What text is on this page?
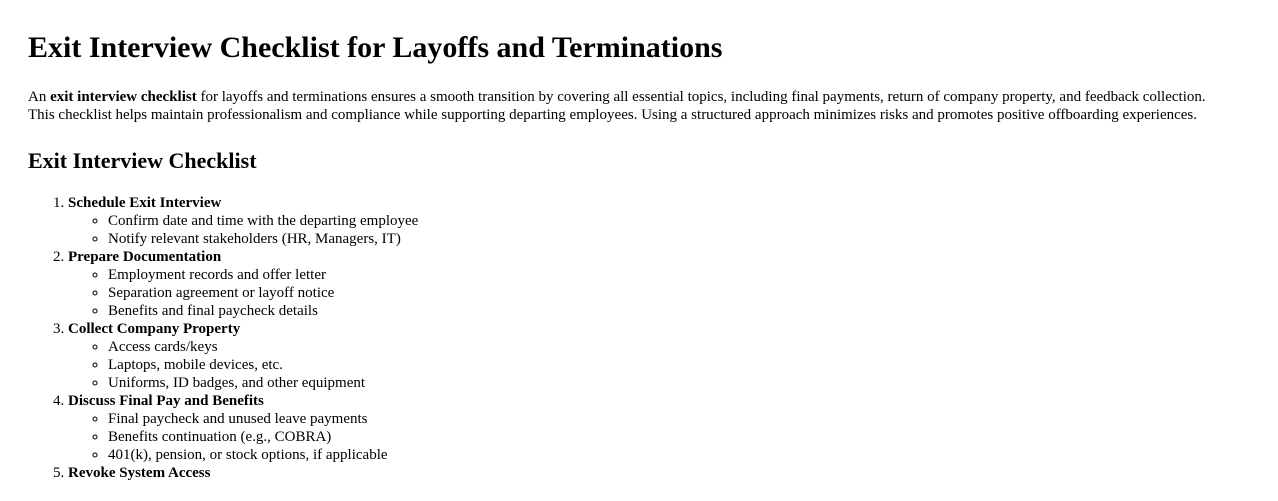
Exit Interview Checklist for Layoffs and Terminations

An exit interview checklist for layoffs and terminations ensures a smooth transition by covering all essential topics, including final payments, return of company property, and feedback collection. This checklist helps maintain professionalism and compliance while supporting departing employees. Using a structured approach minimizes risks and promotes positive offboarding experiences.

Exit Interview Checklist
1. Schedule Exit Interview
◦ Confirm date and time with the departing employee
◦ Notify relevant stakeholders (HR, Managers, IT)
2. Prepare Documentation
◦ Employment records and offer letter
◦ Separation agreement or layoff notice
◦ Benefits and final paycheck details
3. Collect Company Property
◦ Access cards/keys
◦ Laptops, mobile devices, etc.
◦ Uniforms, ID badges, and other equipment
4. Discuss Final Pay and Benefits
◦ Final paycheck and unused leave payments
◦ Benefits continuation (e.g., COBRA)
◦ 401(k), pension, or stock options, if applicable
5. Revoke System Access
